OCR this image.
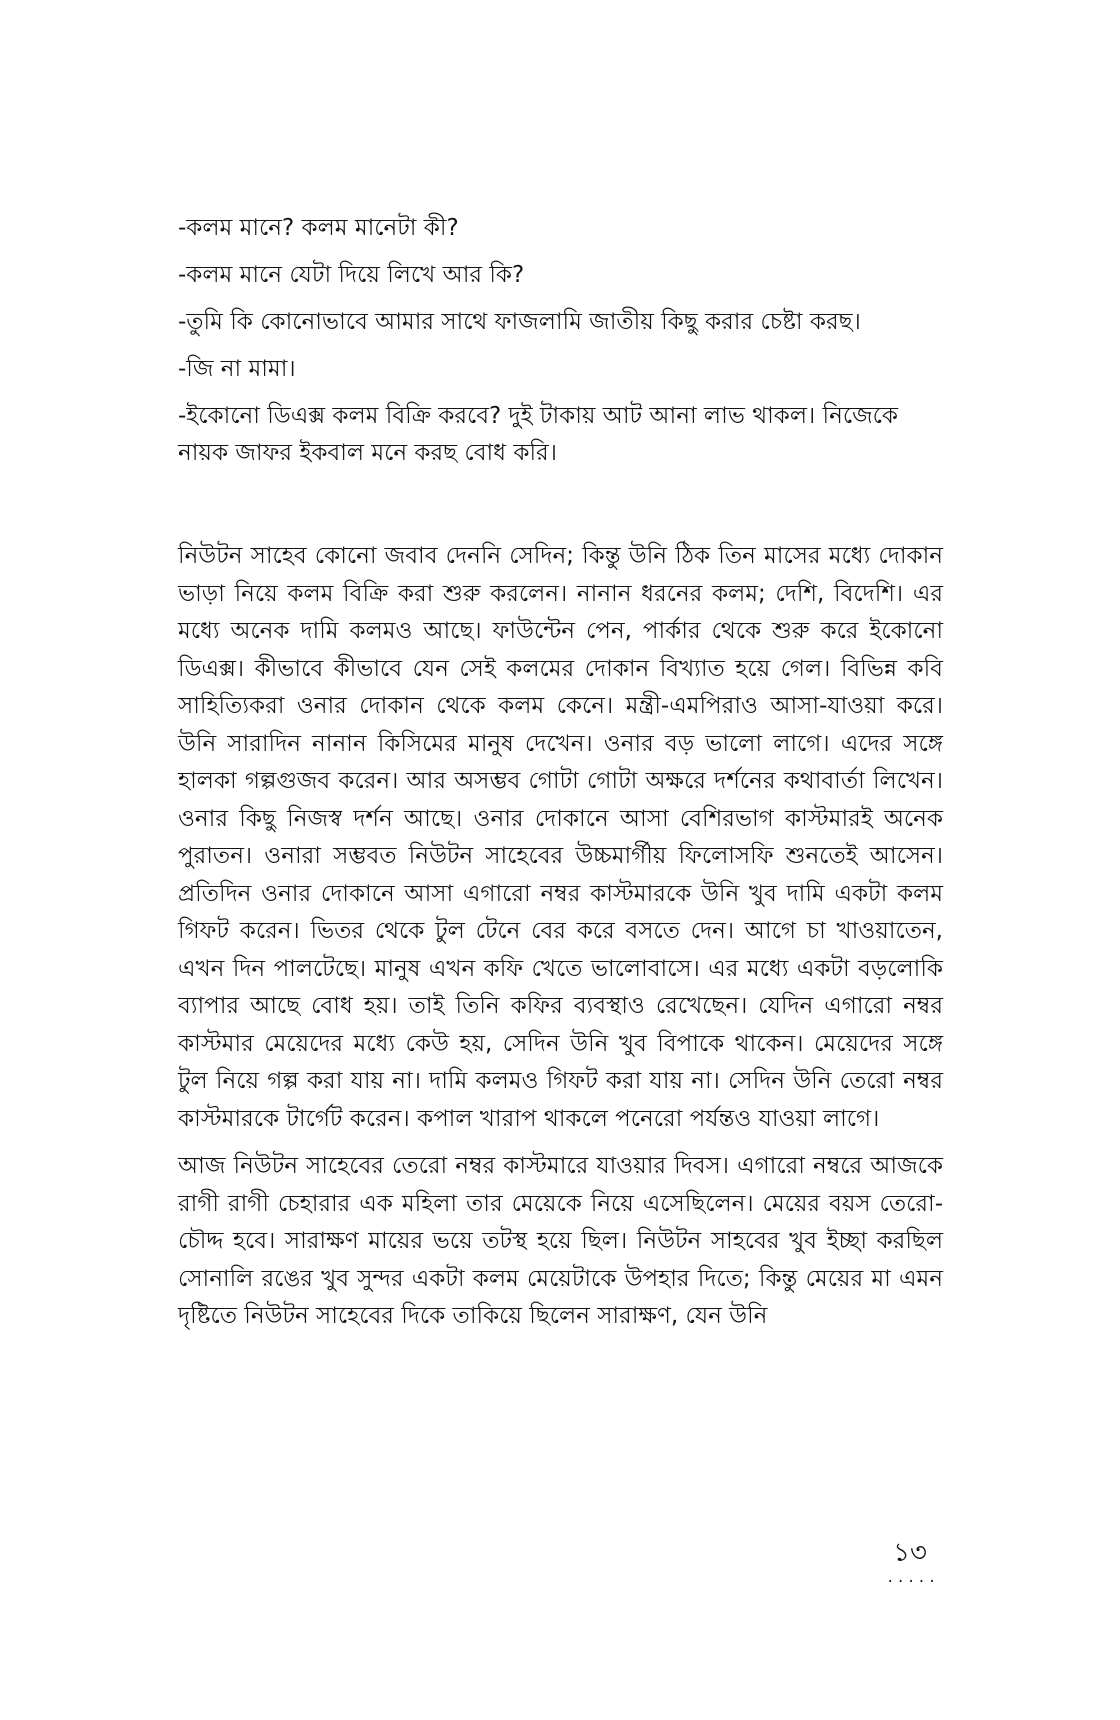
-কলম মানে? কলম মানেটা কী?

-কলম মানে যেটা দিয়ে লিখে আর কি?

-তুমি কি কোনোভাবে আমার সাথে ফাজলামি জাতীয় কিছু করার চেষ্টা করছ।

-জি না মামা।

-ইকোনো ডিএক্স কলম বিক্রি করবে? দুই টাকায় আট আনা লাভ থাকল। নিজেকে নায়ক জাফর ইকবাল মনে করছ বোধ করি।

নিউটন সাহেব কোনো জবাব দেননি সেদিন; কিন্তু উনি ঠিক তিন মাসের মধ্যে দোকান ভাড়া নিয়ে কলম বিক্রি করা শুরু করলেন। নানান ধরনের কলম; দেশি, বিদেশি। এর মধ্যে অনেক দামি কলমও আছে। ফাউন্টেন পেন, পার্কার থেকে শুরু করে ইকোনো ডিএক্স। কীভাবে কীভাবে যেন সেই কলমের দোকান বিখ্যাত হয়ে গেল। বিভিন্ন কবি সাহিত্যিকরা ওনার দোকান থেকে কলম কেনে। মন্ত্রী-এমপিরাও আসা-যাওয়া করে। উনি সারাদিন নানান কিসিমের মানুষ দেখেন। ওনার বড় ভালো লাগে। এদের সঙ্গে হালকা গল্পগুজব করেন। আর অসম্ভব গোটা গোটা অক্ষরে দর্শনের কথাবার্তা লিখেন। ওনার কিছু নিজস্ব দর্শন আছে। ওনার দোকানে আসা বেশিরভাগ কাস্টমারই অনেক পুরাতন। ওনারা সম্ভবত নিউটন সাহেবের উচ্চমার্গীয় ফিলোসফি শুনতেই আসেন। প্রতিদিন ওনার দোকানে আসা এগারো নম্বর কাস্টমারকে উনি খুব দামি একটা কলম গিফট করেন। ভিতর থেকে টুল টেনে বের করে বসতে দেন। আগে চা খাওয়াতেন, এখন দিন পালটেছে। মানুষ এখন কফি খেতে ভালোবাসে। এর মধ্যে একটা বড়লোকি ব্যাপার আছে বোধ হয়। তাই তিনি কফির ব্যবস্থাও রেখেছেন। যেদিন এগারো নম্বর কাস্টমার মেয়েদের মধ্যে কেউ হয়, সেদিন উনি খুব বিপাকে থাকেন। মেয়েদের সঙ্গে টুল নিয়ে গল্প করা যায় না। দামি কলমও গিফট করা যায় না। সেদিন উনি তেরো নম্বর কাস্টমারকে টার্গেট করেন। কপাল খারাপ থাকলে পনেরো পর্যন্তও যাওয়া লাগে।

আজ নিউটন সাহেবের তেরো নম্বর কাস্টমারে যাওয়ার দিবস। এগারো নম্বরে আজকে রাগী রাগী চেহারার এক মহিলা তার মেয়েকে নিয়ে এসেছিলেন। মেয়ের বয়স তেরো-চৌদ্দ হবে। সারাক্ষণ মায়ের ভয়ে তটস্থ হয়ে ছিল। নিউটন সাহবের খুব ইচ্ছা করছিল সোনালি রঙের খুব সুন্দর একটা কলম মেয়েটাকে উপহার দিতে; কিন্তু মেয়ের মা এমন দৃষ্টিতে নিউটন সাহেবের দিকে তাকিয়ে ছিলেন সারাক্ষণ, যেন উনি

১৩
.....
